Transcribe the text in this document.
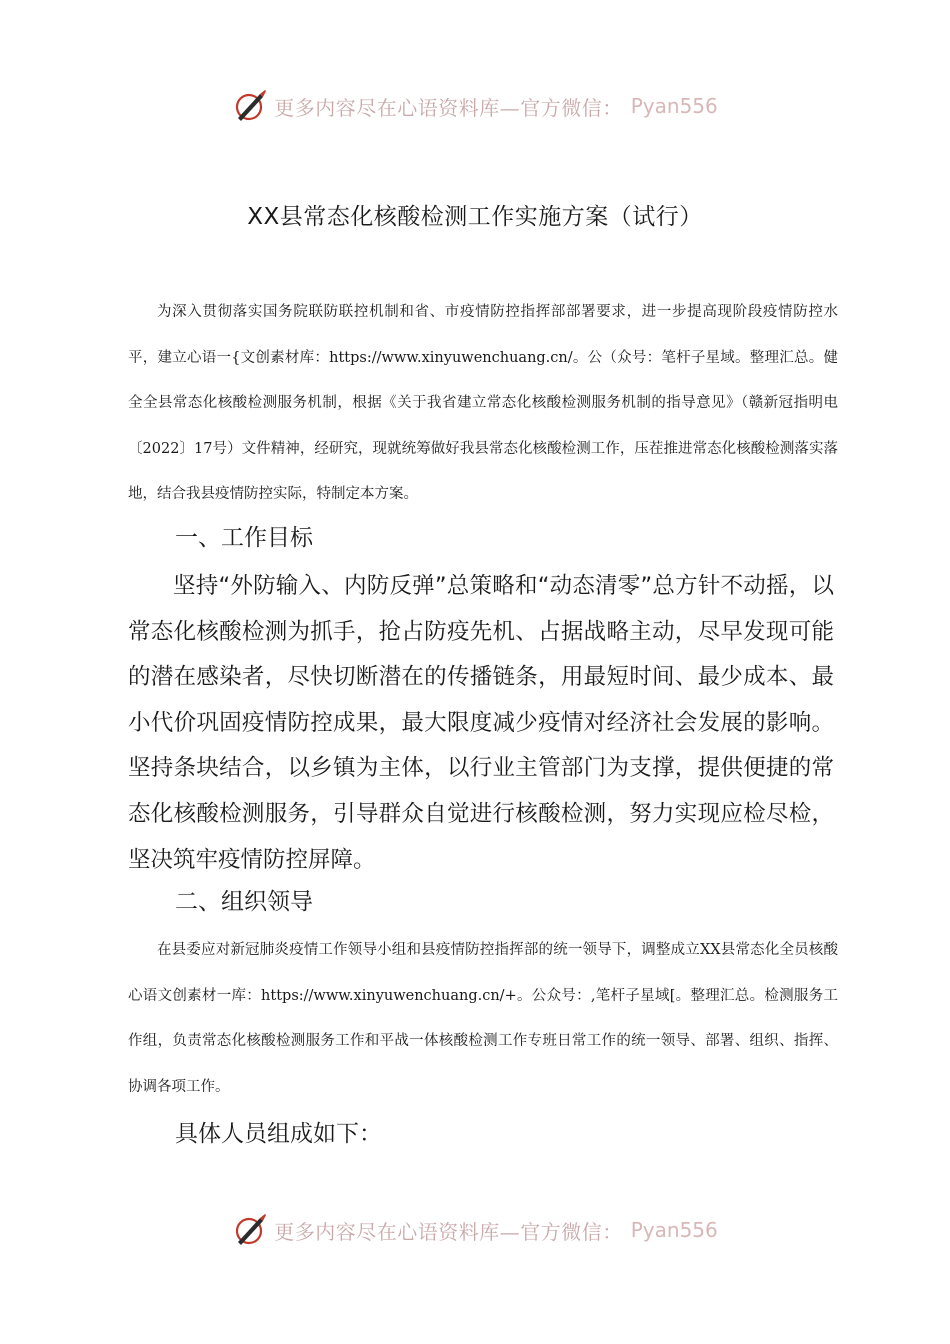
更多内容尽在心语资料库—官方微信： Pyan556
XX县常态化核酸检测工作实施方案（试行）

为深入贯彻落实国务院联防联控机制和省、市疫情防控指挥部部署要求，进一步提高现阶段疫情防控水平，建立心语一{文创素材库：https://www.xinyuwenchuang.cn/。公（众号：笔杆子星域。整理汇总。健全全县常态化核酸检测服务机制，根据《关于我省建立常态化核酸检测服务机制的指导意见》（赣新冠指明电〔2022〕17号）文件精神，经研究，现就统筹做好我县常态化核酸检测工作，压茬推进常态化核酸检测落实落地，结合我县疫情防控实际，特制定本方案。

一、工作目标

坚持“外防输入、内防反弹”总策略和“动态清零”总方针不动摇，以常态化核酸检测为抓手，抢占防疫先机、占据战略主动，尽早发现可能的潜在感染者，尽快切断潜在的传播链条，用最短时间、最少成本、最小代价巩固疫情防控成果，最大限度减少疫情对经济社会发展的影响。坚持条块结合，以乡镇为主体，以行业主管部门为支撑，提供便捷的常态化核酸检测服务，引导群众自觉进行核酸检测，努力实现应检尽检，坚决筑牢疫情防控屏障。

二、组织领导

在县委应对新冠肺炎疫情工作领导小组和县疫情防控指挥部的统一领导下，调整成立XX县常态化全员核酸心语文创素材一库：https://www.xinyuwenchuang.cn/+。公众号：,笔杆子星域[。整理汇总。检测服务工作组，负责常态化核酸检测服务工作和平战一体核酸检测工作专班日常工作的统一领导、部署、组织、指挥、协调各项工作。

具体人员组成如下：

更多内容尽在心语资料库—官方微信： Pyan556
